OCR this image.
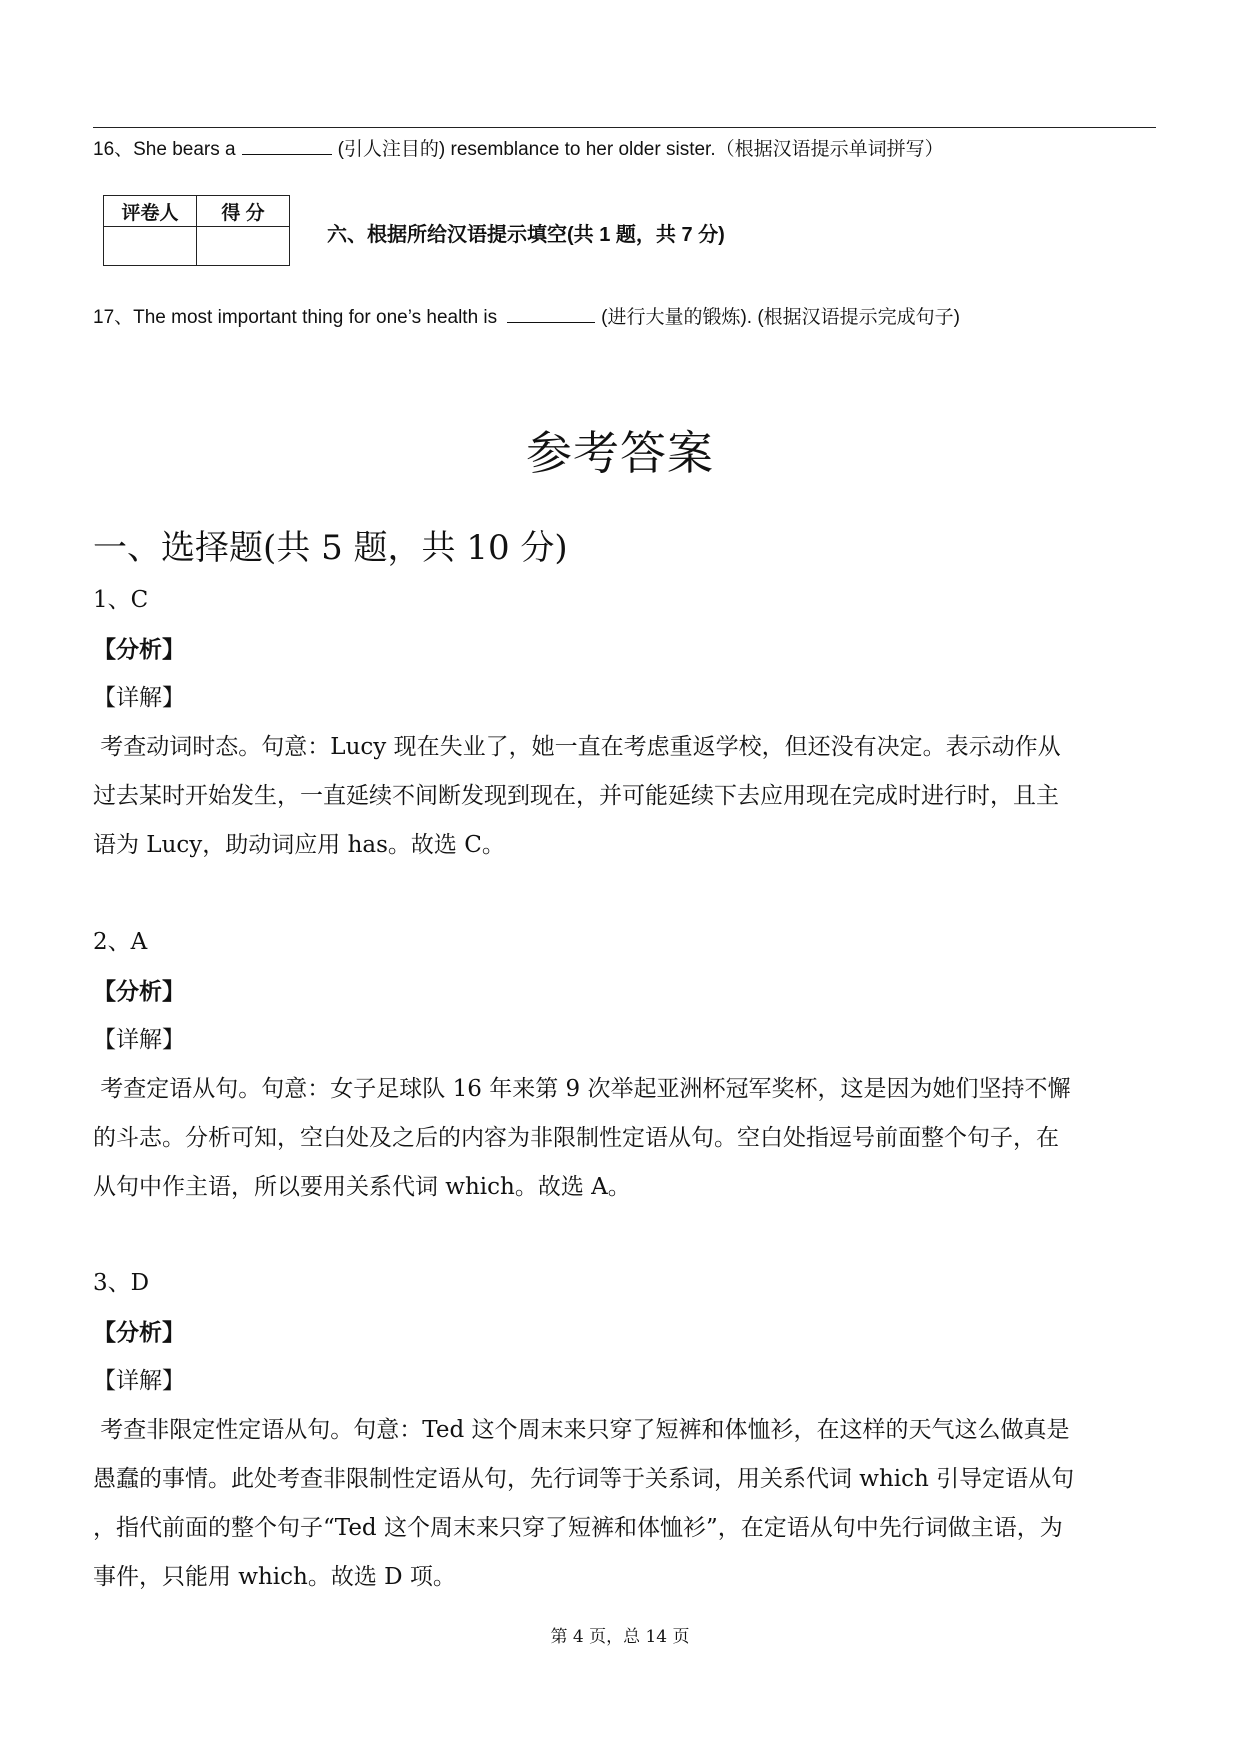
16、She bears a	(引人注目的) resemblance to her older sister.（根据汉语提示单词拼写）
评卷人	得 分

六、根据所给汉语提示填空(共 1 题，共 7 分)
17、The most important thing for one’s health is	(进行大量的锻炼). (根据汉语提示完成句子)
参考答案
一、选择题(共 5 题，共 10 分)
1、C
【分析】
【详解】
考查动词时态。句意：Lucy 现在失业了，她一直在考虑重返学校，但还没有决定。表示动作从
过去某时开始发生，一直延续不间断发现到现在，并可能延续下去应用现在完成时进行时，且主
语为 Lucy，助动词应用 has。故选 C。
2、A
【分析】
【详解】
考查定语从句。句意：女子足球队 16 年来第 9 次举起亚洲杯冠军奖杯，这是因为她们坚持不懈
的斗志。分析可知，空白处及之后的内容为非限制性定语从句。空白处指逗号前面整个句子，在
从句中作主语，所以要用关系代词 which。故选 A。
3、D
【分析】
【详解】
考查非限定性定语从句。句意：Ted 这个周末来只穿了短裤和体恤衫，在这样的天气这么做真是
愚蠢的事情。此处考查非限制性定语从句，先行词等于关系词，用关系代词 which 引导定语从句
，指代前面的整个句子“Ted 这个周末来只穿了短裤和体恤衫”，在定语从句中先行词做主语，为
事件，只能用 which。故选 D 项。
第 4 页，总 14 页
